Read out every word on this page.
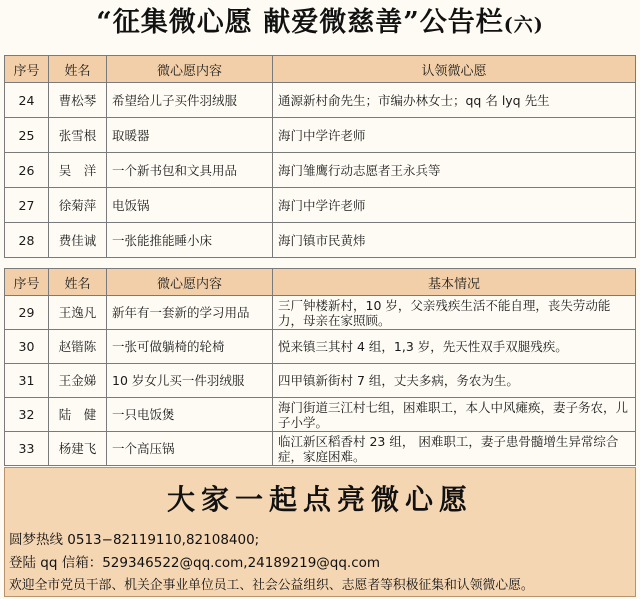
“征集微心愿 献爱微慈善”公告栏(六)
序号	姓名	微心愿内容	认领微心愿
24	曹松琴	希望给儿子买件羽绒服	通源新村俞先生；市编办林女士；qq 名 lyq 先生
25	张雪根	取暖器	海门中学许老师
26	吴　洋	一个新书包和文具用品	海门雏鹰行动志愿者王永兵等
27	徐菊萍	电饭锅	海门中学许老师
28	费佳诚	一张能推能睡小床	海门镇市民黄炜
序号	姓名	微心愿内容	基本情况
29	王逸凡	新年有一套新的学习用品	三厂钟楼新村，10 岁，父亲残疾生活不能自理，丧失劳动能力，母亲在家照顾。
30	赵锴陈	一张可做躺椅的轮椅	悦来镇三其村 4 组，1,3 岁，先天性双手双腿残疾。
31	王金娣	10 岁女儿买一件羽绒服	四甲镇新街村 7 组，丈夫多病，务农为生。
32	陆　健	一只电饭煲	海门街道三江村七组，困难职工，本人中风瘫痪，妻子务农，儿子小学。
33	杨建飞	一个高压锅	临江新区稻香村 23 组， 困难职工，妻子患骨髓增生异常综合症，家庭困难。
大家一起点亮微心愿
圆梦热线 0513−82119110,82108400;
登陆 qq 信箱：529346522@qq.com,24189219@qq.com
欢迎全市党员干部、机关企事业单位员工、社会公益组织、志愿者等积极征集和认领微心愿。
